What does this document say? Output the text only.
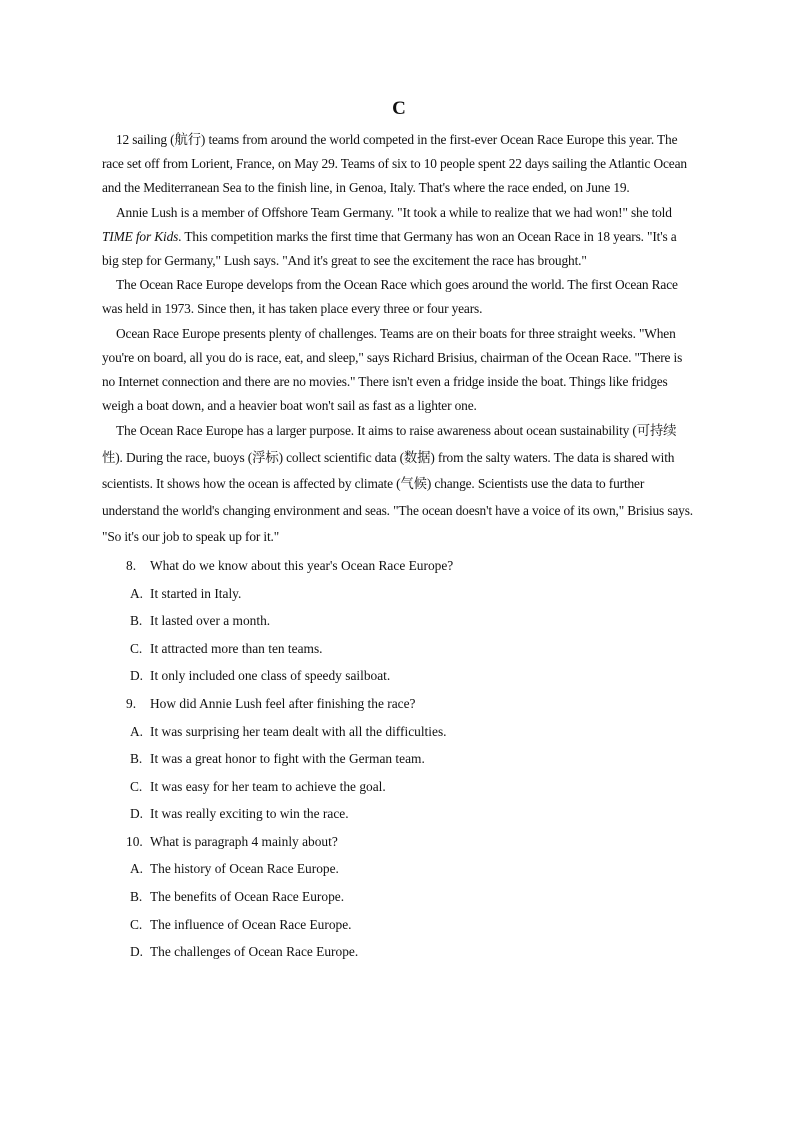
C

12 sailing (航行) teams from around the world competed in the first-ever Ocean Race Europe this year. The race set off from Lorient, France, on May 29. Teams of six to 10 people spent 22 days sailing the Atlantic Ocean and the Mediterranean Sea to the finish line, in Genoa, Italy. That's where the race ended, on June 19.

Annie Lush is a member of Offshore Team Germany. "It took a while to realize that we had won!" she told TIME for Kids. This competition marks the first time that Germany has won an Ocean Race in 18 years. "It's a big step for Germany," Lush says. "And it's great to see the excitement the race has brought."

The Ocean Race Europe develops from the Ocean Race which goes around the world. The first Ocean Race was held in 1973. Since then, it has taken place every three or four years.

Ocean Race Europe presents plenty of challenges. Teams are on their boats for three straight weeks. "When you're on board, all you do is race, eat, and sleep," says Richard Brisius, chairman of the Ocean Race. "There is no Internet connection and there are no movies." There isn't even a fridge inside the boat. Things like fridges weigh a boat down, and a heavier boat won't sail as fast as a lighter one.

The Ocean Race Europe has a larger purpose. It aims to raise awareness about ocean sustainability (可持续性). During the race, buoys (浮标) collect scientific data (数据) from the salty waters. The data is shared with scientists. It shows how the ocean is affected by climate (气候) change. Scientists use the data to further understand the world's changing environment and seas. "The ocean doesn't have a voice of its own," Brisius says. "So it's our job to speak up for it."

8. What do we know about this year's Ocean Race Europe?
A. It started in Italy.
B. It lasted over a month.
C. It attracted more than ten teams.
D. It only included one class of speedy sailboat.
9. How did Annie Lush feel after finishing the race?
A. It was surprising her team dealt with all the difficulties.
B. It was a great honor to fight with the German team.
C. It was easy for her team to achieve the goal.
D. It was really exciting to win the race.
10. What is paragraph 4 mainly about?
A. The history of Ocean Race Europe.
B. The benefits of Ocean Race Europe.
C. The influence of Ocean Race Europe.
D. The challenges of Ocean Race Europe.
